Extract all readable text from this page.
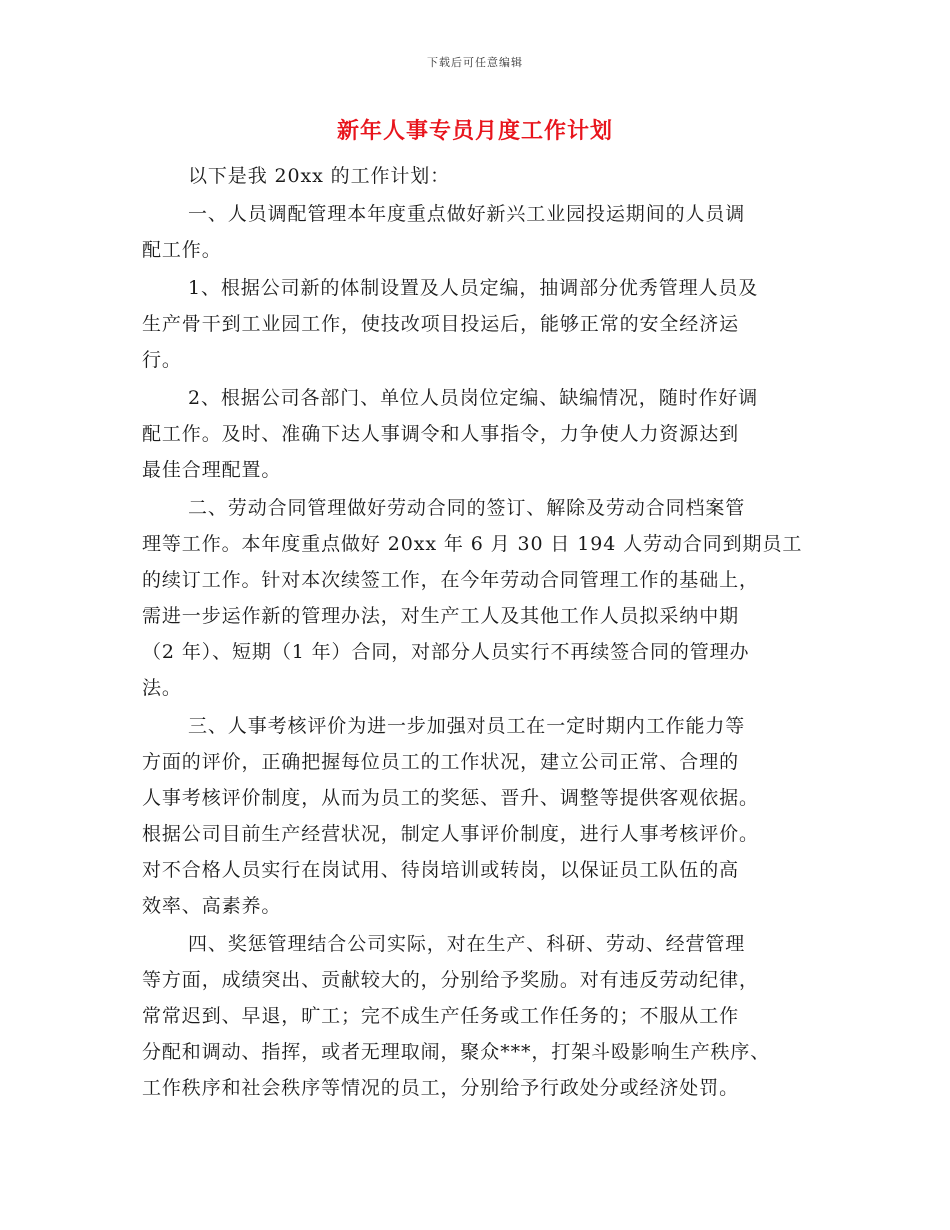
下载后可任意编辑
新年人事专员月度工作计划
以下是我 20xx 的工作计划：
一、人员调配管理本年度重点做好新兴工业园投运期间的人员调
配工作。
1、根据公司新的体制设置及人员定编，抽调部分优秀管理人员及
生产骨干到工业园工作，使技改项目投运后，能够正常的安全经济运
行。
2、根据公司各部门、单位人员岗位定编、缺编情况，随时作好调
配工作。及时、准确下达人事调令和人事指令，力争使人力资源达到
最佳合理配置。
二、劳动合同管理做好劳动合同的签订、解除及劳动合同档案管
理等工作。本年度重点做好 20xx 年 6 月 30 日 194 人劳动合同到期员工
的续订工作。针对本次续签工作，在今年劳动合同管理工作的基础上，
需进一步运作新的管理办法，对生产工人及其他工作人员拟采纳中期
（2 年）、短期（1 年）合同，对部分人员实行不再续签合同的管理办
法。
三、人事考核评价为进一步加强对员工在一定时期内工作能力等
方面的评价，正确把握每位员工的工作状况，建立公司正常、合理的
人事考核评价制度，从而为员工的奖惩、晋升、调整等提供客观依据。
根据公司目前生产经营状况，制定人事评价制度，进行人事考核评价。
对不合格人员实行在岗试用、待岗培训或转岗，以保证员工队伍的高
效率、高素养。
四、奖惩管理结合公司实际，对在生产、科研、劳动、经营管理
等方面，成绩突出、贡献较大的，分别给予奖励。对有违反劳动纪律，
常常迟到、早退，旷工；完不成生产任务或工作任务的；不服从工作
分配和调动、指挥，或者无理取闹，聚众***，打架斗殴影响生产秩序、
工作秩序和社会秩序等情况的员工，分别给予行政处分或经济处罚。
